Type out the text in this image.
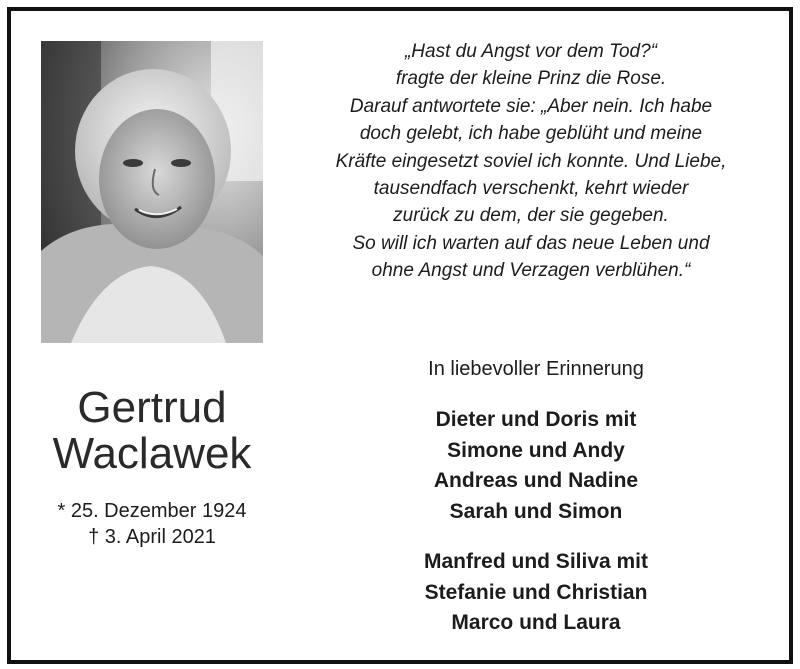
„Hast du Angst vor dem Tod?“
fragte der kleine Prinz die Rose.
Darauf antwortete sie: „Aber nein. Ich habe
doch gelebt, ich habe geblüht und meine
Kräfte eingesetzt soviel ich konnte. Und Liebe,
tausendfach verschenkt, kehrt wieder
zurück zu dem, der sie gegeben.
So will ich warten auf das neue Leben und
ohne Angst und Verzagen verblühen.“
Gertrud
Waclawek
* 25. Dezember 1924
† 3. April 2021
In liebevoller Erinnerung
Dieter und Doris mit
Simone und Andy
Andreas und Nadine
Sarah und Simon
Manfred und Siliva mit
Stefanie und Christian
Marco und Laura
